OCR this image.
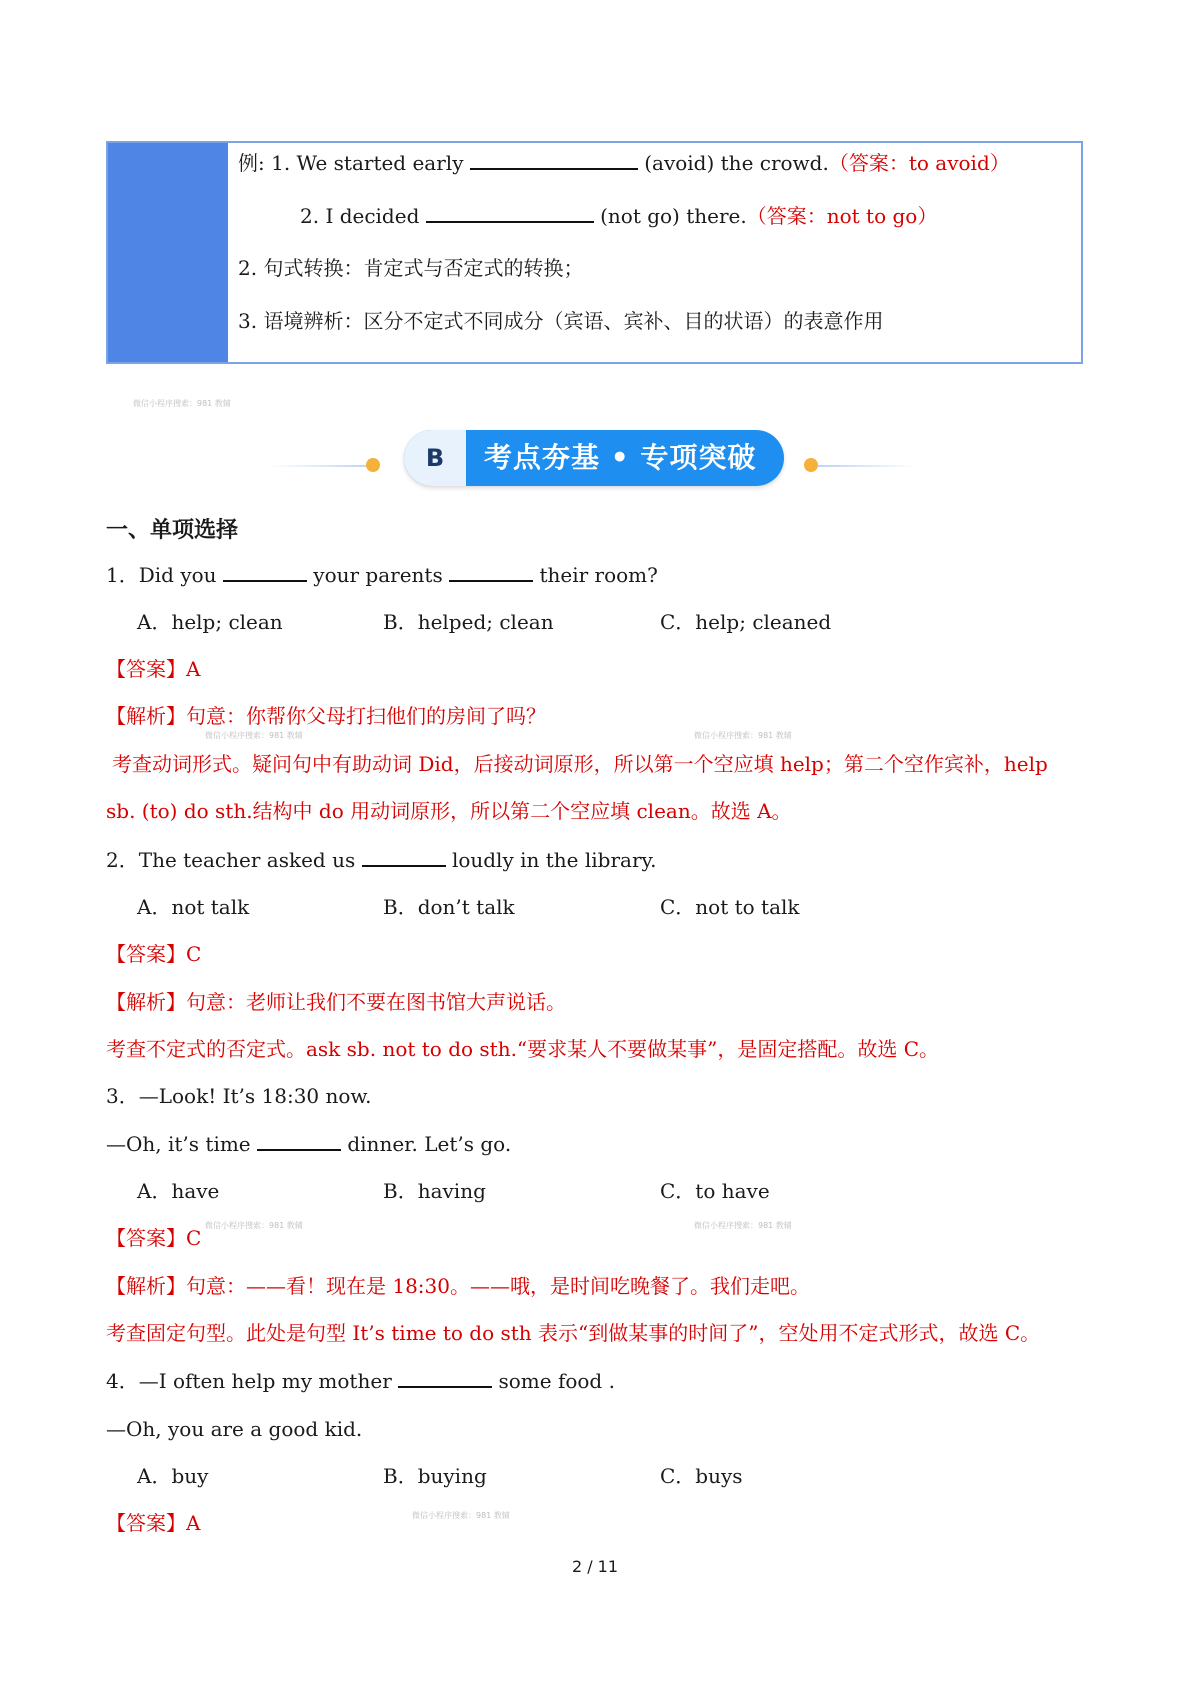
例: 1. We started early	(avoid) the crowd.（答案：to avoid）
2. I decided	(not go) there.（答案：not to go）
2. 句式转换：肯定式与否定式的转换；
3. 语境辨析：区分不定式不同成分（宾语、宾补、目的状语）的表意作用
微信小程序搜索：981 教辅
B	考点夯基 • 专项突破
一、单项选择
1．Did you	your parents	their room?
A．help; clean	B．helped; clean	C．help; cleaned
【答案】A
【解析】句意：你帮你父母打扫他们的房间了吗？
微信小程序搜索：981 教辅	微信小程序搜索：981 教辅
考查动词形式。疑问句中有助动词 Did，后接动词原形，所以第一个空应填 help；第二个空作宾补，help
sb. (to) do sth.结构中 do 用动词原形，所以第二个空应填 clean。故选 A。
2．The teacher asked us	loudly in the library.
A．not talk	B．don’t talk	C．not to talk
【答案】C
【解析】句意：老师让我们不要在图书馆大声说话。
考查不定式的否定式。ask sb. not to do sth.“要求某人不要做某事”，是固定搭配。故选 C。
3．—Look! It’s 18:30 now.
—Oh, it’s time	dinner. Let’s go.
A．have	B．having	C．to have
微信小程序搜索：981 教辅	微信小程序搜索：981 教辅
【答案】C
【解析】句意：——看！现在是 18:30。——哦，是时间吃晚餐了。我们走吧。
考查固定句型。此处是句型 It’s time to do sth 表示“到做某事的时间了”，空处用不定式形式，故选 C。
4．—I often help my mother	some food .
—Oh, you are a good kid.
A．buy	B．buying	C．buys
微信小程序搜索：981 教辅
【答案】A
2 / 11
